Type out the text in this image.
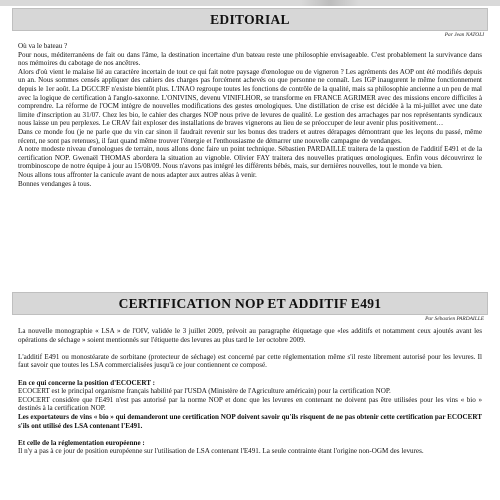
EDITORIAL
Par Jean NATOLI

Où va le bateau ?

Pour nous, méditerranéens de fait ou dans l'âme, la destination incertaine d'un bateau reste une philosophie envisageable. C'est probablement la survivance dans nos mémoires du cabotage de nos ancêtres.

Alors d'où vient le malaise lié au caractère incertain de tout ce qui fait notre paysage d'œnologue ou de vigneron ? Les agréments des AOP ont été modifiés depuis un an. Nous sommes censés appliquer des cahiers des charges pas forcément achevés ou que personne ne connaît. Les IGP inaugurent le même fonctionnement depuis le 1er août. La DGCCRF n'existe bientôt plus. L'INAO regroupe toutes les fonctions de contrôle de la qualité, mais sa philosophie ancienne a un peu de mal avec la logique de certification à l'anglo-saxonne. L'ONIVINS, devenu VINIFLHOR, se transforme en FRANCE AGRIMER avec des missions encore difficiles à comprendre. La réforme de l'OCM intègre de nouvelles modifications des gestes œnologiques. Une distillation de crise est décidée à la mi-juillet avec une date limite d'inscription au 31/07. Chez les bio, le cahier des charges NOP nous prive de levures de qualité. Le gestion des arrachages par nos représentants syndicaux nous laisse un peu perplexes. Le CRAV fait exploser des installations de braves vignerons au lieu de se préoccuper de leur avenir plus positivement…

Dans ce monde fou (je ne parle que du vin car sinon il faudrait revenir sur les bonus des traders et autres dérapages démontrant que les leçons du passé, même récent, ne sont pas retenues), il faut quand même trouver l'énergie et l'enthousiasme de démarrer une nouvelle campagne de vendanges.

A notre modeste niveau d'œnologues de terrain, nous allons donc faire un point technique. Sébastien PARDAILLE traitera de la question de l'additif E491 et de la certification NOP. Gwenaël THOMAS abordera la situation au vignoble. Olivier FAY traitera des nouvelles pratiques œnologiques. Enfin vous découvrirez le trombinoscope de notre équipe à jour au 15/08/09. Nous n'avons pas intégré les différents bébés, mais, sur dernières nouvelles, tout le monde va bien.

Nous allons tous affronter la canicule avant de nous adapter aux autres aléas à venir.

Bonnes vendanges à tous.

CERTIFICATION NOP ET ADDITIF E491
Par Sébastien PARDAILLE

La nouvelle monographie « LSA » de l'OIV, validée le 3 juillet 2009, prévoit au paragraphe étiquetage que «les additifs et notamment ceux ajoutés avant les opérations de séchage » soient mentionnés sur l'étiquette des levures au plus tard le 1er octobre 2009.

L'additif E491 ou monostéarate de sorbitane (protecteur de séchage) est concerné par cette réglementation même s'il reste librement autorisé pour les levures. Il faut savoir que toutes les LSA commercialisées jusqu'à ce jour contiennent ce composé.

En ce qui concerne la position d'ECOCERT :

ECOCERT est le principal organisme français habilité par l'USDA (Ministère de l'Agriculture américain) pour la certification NOP.

ECOCERT considère que l'E491 n'est pas autorisé par la norme NOP et donc que les levures en contenant ne doivent pas être utilisées pour les vins « bio » destinés à la certification NOP.

Les exportateurs de vins « bio » qui demanderont une certification NOP doivent savoir qu'ils risquent de ne pas obtenir cette certification par ECOCERT s'ils ont utilisé des LSA contenant l'E491.

Et celle de la réglementation européenne :

Il n'y a pas à ce jour de position européenne sur l'utilisation de LSA contenant l'E491. La seule contrainte étant l'origine non-OGM des levures.
